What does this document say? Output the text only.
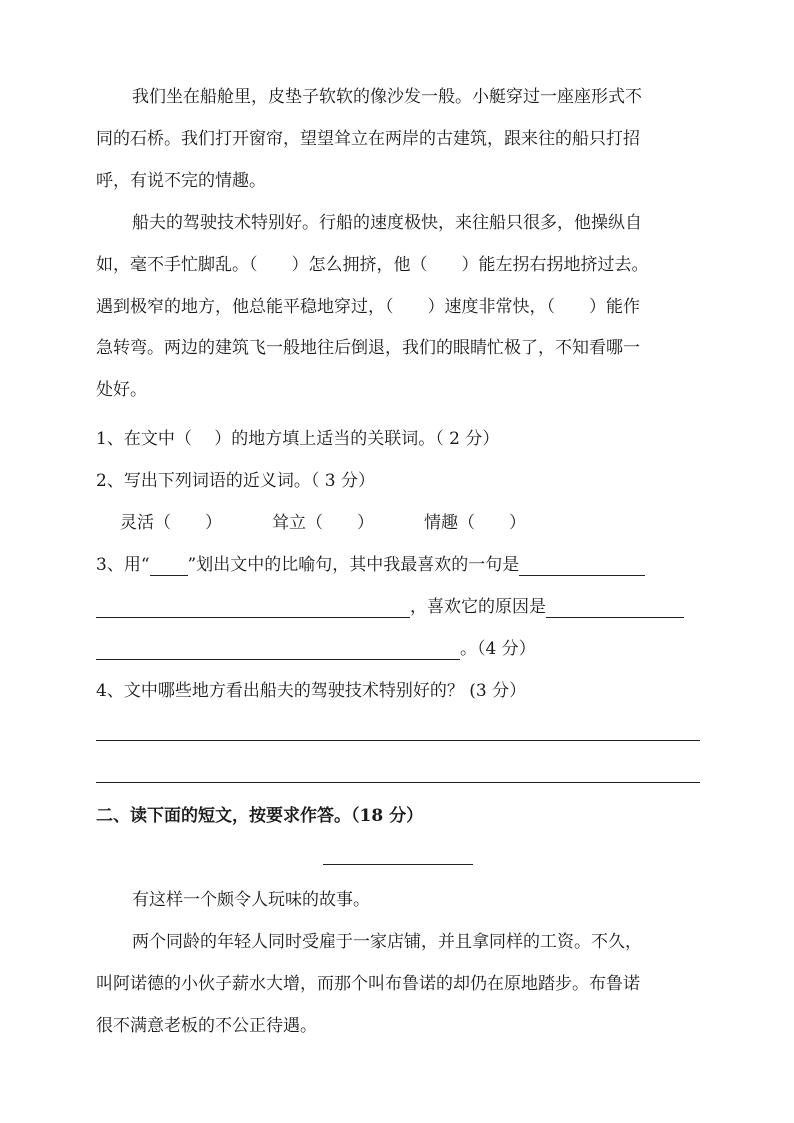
我们坐在船舱里，皮垫子软软的像沙发一般。小艇穿过一座座形式不
同的石桥。我们打开窗帘，望望耸立在两岸的古建筑，跟来往的船只打招
呼，有说不完的情趣。
船夫的驾驶技术特别好。行船的速度极快，来往船只很多，他操纵自
如，毫不手忙脚乱。（　　）怎么拥挤，他（　　）能左拐右拐地挤过去。
遇到极窄的地方，他总能平稳地穿过，（　　）速度非常快，（　　）能作
急转弯。两边的建筑飞一般地往后倒退，我们的眼睛忙极了，不知看哪一
处好。
1、在文中（　 ）的地方填上适当的关联词。（ 2 分）
2、写出下列词语的近义词。（ 3 分）
灵活（　　）	耸立（　　）	情趣（　　）
3、用“ ”划出文中的比喻句，其中我最喜欢的一句是
，喜欢它的原因是
。（4 分）
4、文中哪些地方看出船夫的驾驶技术特别好的？ (3 分）
二、读下面的短文，按要求作答。（18 分）
有这样一个颇令人玩味的故事。
两个同龄的年轻人同时受雇于一家店铺，并且拿同样的工资。不久，
叫阿诺德的小伙子薪水大增，而那个叫布鲁诺的却仍在原地踏步。布鲁诺
很不满意老板的不公正待遇。
